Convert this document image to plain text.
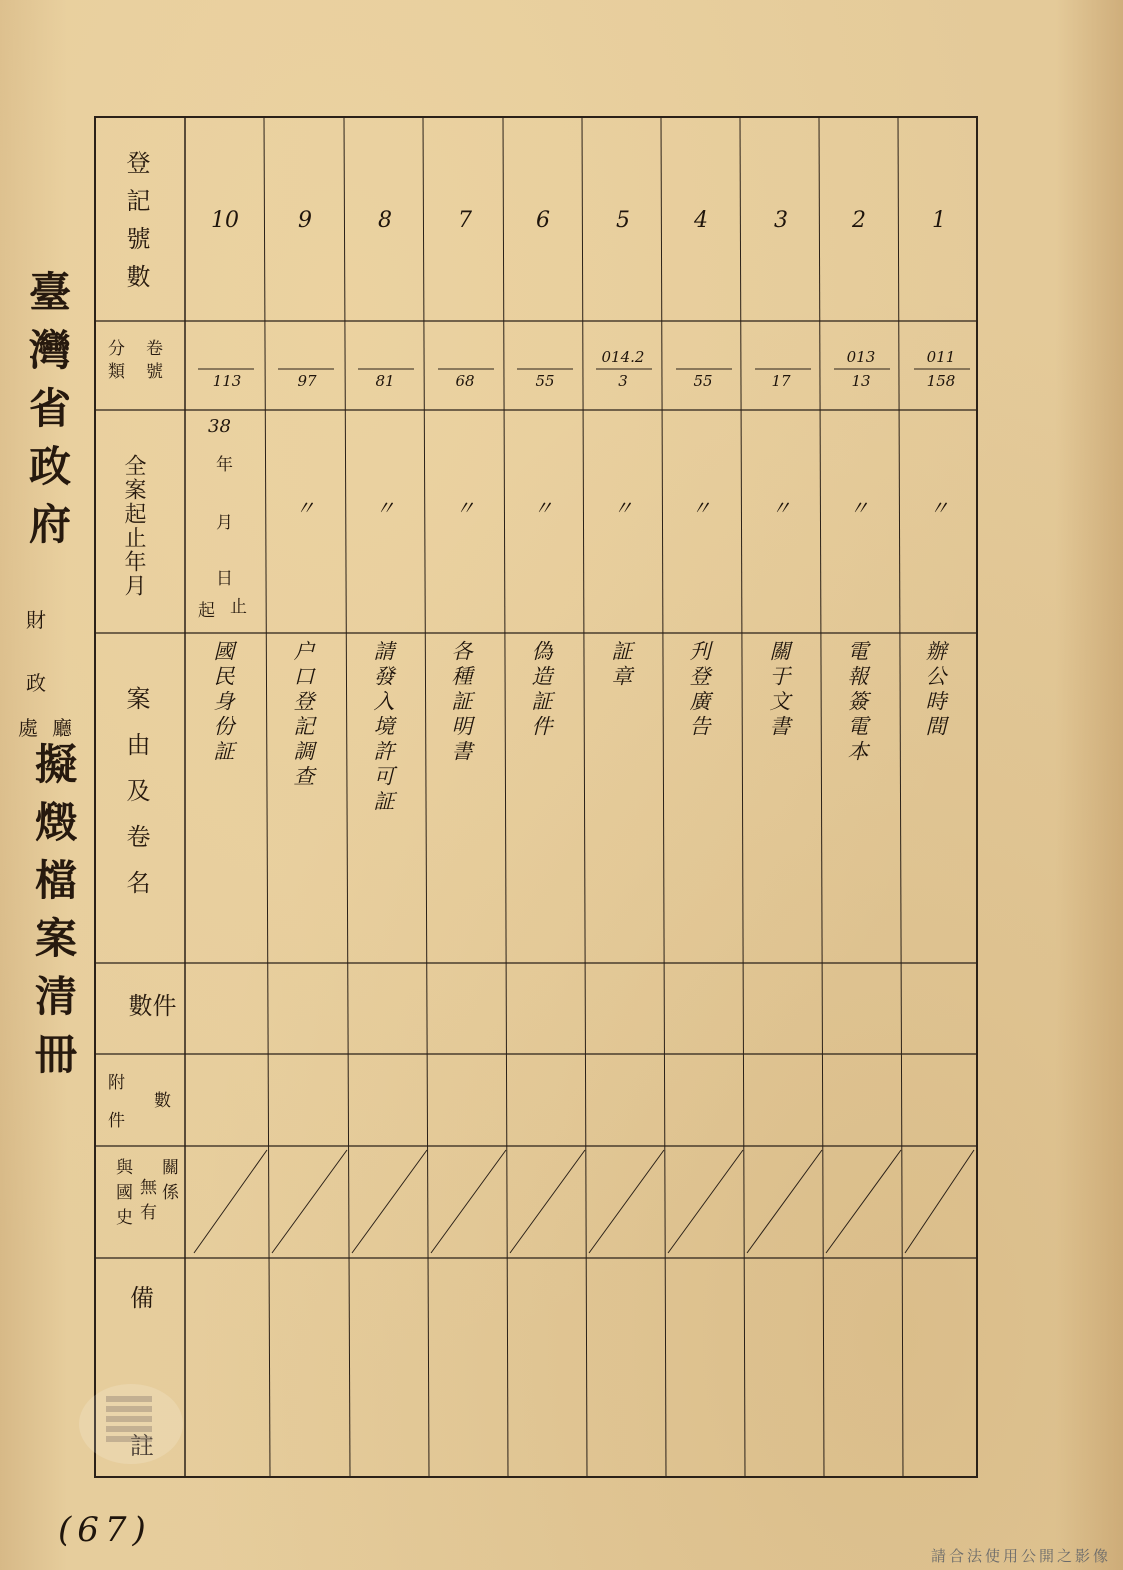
臺灣省政府
財
政
處 廳
擬燬檔案清冊
登記號數
分類
卷號
全案起止年月
案由及卷名
件數
附
件
數
與國史 無有 關係
備
註
年
月
日
起 止
1
011
158
〃
辦公時間
2
013
13
〃
電報簽電本
3
17
〃
關于文書
4
55
〃
刋登廣告
5
014.2
3
〃
証章
6
55
〃
偽造証件
7
68
〃
各種証明書
8
81
〃
請發入境許可証
9
97
〃
户口登記調查
10
113
38
國民身份証
(67)
請合法使用公開之影像
